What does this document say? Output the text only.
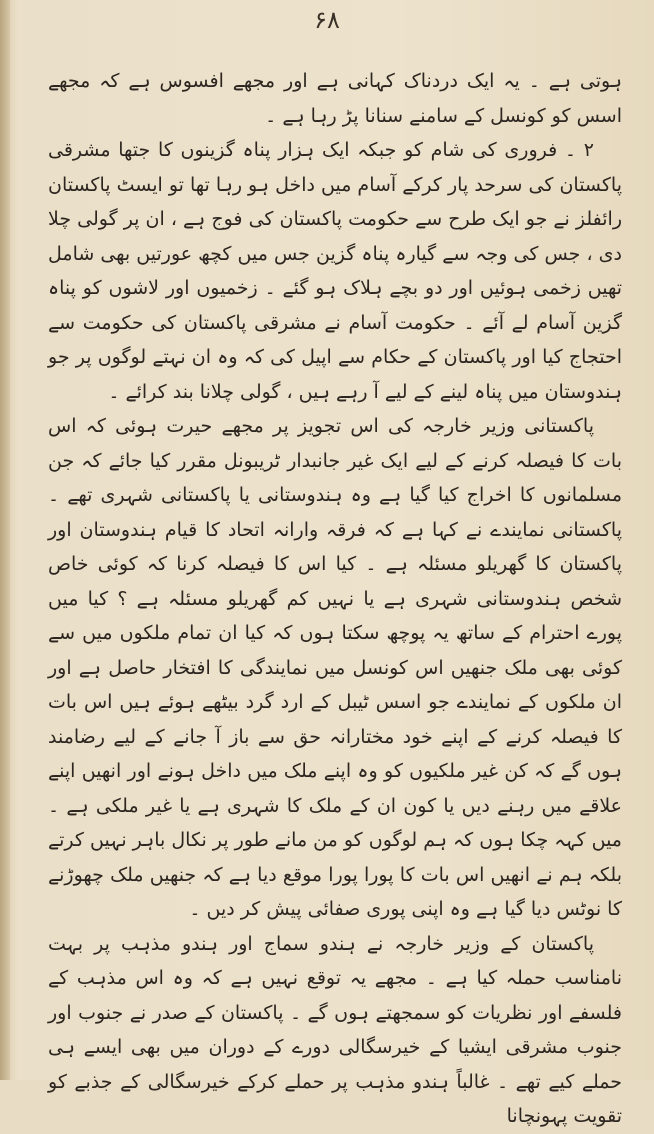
۶۸

ہوتی ہے ۔ یہ ایک دردناک کہانی ہے اور مجھے افسوس ہے کہ مجھے اسس کو کونسل کے سامنے سنانا پڑ رہا ہے ۔

۲ ۔ فروری کی شام کو جبکہ ایک ہزار پناہ گزینوں کا جتھا مشرقی پاکستان کی سرحد پار کرکے آسام میں داخل ہو رہا تھا تو ایسٹ پاکستان رائفلز نے جو ایک طرح سے حکومت پاکستان کی فوج ہے ، ان پر گولی چلا دی ، جس کی وجہ سے گیارہ پناہ گزین جس میں کچھ عورتیں بھی شامل تھیں زخمی ہوئیں اور دو بچے ہلاک ہو گئے ۔ زخمیوں اور لاشوں کو پناہ گزین آسام لے آئے ۔ حکومت آسام نے مشرقی پاکستان کی حکومت سے احتجاج کیا اور پاکستان کے حکام سے اپیل کی کہ وہ ان نہتے لوگوں پر جو ہندوستان میں پناہ لینے کے لیے آ رہے ہیں ، گولی چلانا بند کرائے ۔

پاکستانی وزیر خارجہ کی اس تجویز پر مجھے حیرت ہوئی کہ اس بات کا فیصلہ کرنے کے لیے ایک غیر جانبدار ٹریبونل مقرر کیا جائے کہ جن مسلمانوں کا اخراج کیا گیا ہے وہ ہندوستانی یا پاکستانی شہری تھے ۔ پاکستانی نمایندے نے کہا ہے کہ فرقہ وارانہ اتحاد کا قیام ہندوستان اور پاکستان کا گھریلو مسئلہ ہے ۔ کیا اس کا فیصلہ کرنا کہ کوئی خاص شخص ہندوستانی شہری ہے یا نہیں کم گھریلو مسئلہ ہے ؟ کیا میں پورے احترام کے ساتھ یہ پوچھ سکتا ہوں کہ کیا ان تمام ملکوں میں سے کوئی بھی ملک جنھیں اس کونسل میں نمایندگی کا افتخار حاصل ہے اور ان ملکوں کے نمایندے جو اسس ٹیبل کے ارد گرد بیٹھے ہوئے ہیں اس بات کا فیصلہ کرنے کے اپنے خود مختارانہ حق سے باز آ جانے کے لیے رضامند ہوں گے کہ کن غیر ملکیوں کو وہ اپنے ملک میں داخل ہونے اور انھیں اپنے علاقے میں رہنے دیں یا کون ان کے ملک کا شہری ہے یا غیر ملکی ہے ۔ میں کہہ چکا ہوں کہ ہم لوگوں کو من مانے طور پر نکال باہر نہیں کرتے بلکہ ہم نے انھیں اس بات کا پورا پورا موقع دیا ہے کہ جنھیں ملک چھوڑنے کا نوٹس دیا گیا ہے وہ اپنی پوری صفائی پیش کر دیں ۔

پاکستان کے وزیر خارجہ نے ہندو سماج اور ہندو مذہب پر بہت نامناسب حملہ کیا ہے ۔ مجھے یہ توقع نہیں ہے کہ وہ اس مذہب کے فلسفے اور نظریات کو سمجھتے ہوں گے ۔ پاکستان کے صدر نے جنوب اور جنوب مشرقی ایشیا کے خیرسگالی دورے کے دوران میں بھی ایسے ہی حملے کیے تھے ۔ غالباً ہندو مذہب پر حملے کرکے خیرسگالی کے جذبے کو تقویت پہونچانا
